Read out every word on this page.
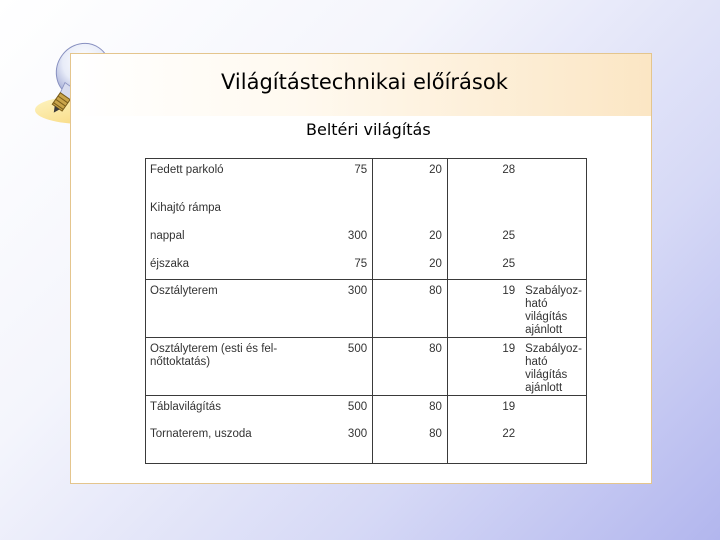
Világítástechnikai előírások
Beltéri világítás
Fedett parkoló	75	20	28	
Kihajtó rámpa				
nappal	300	20	25	
éjszaka	75	20	25	
Osztályterem	300	80	19	Szabályoz-ható világítás ajánlott
Osztályterem (esti és fel-nőttoktatás)	500	80	19	Szabályoz-ható világítás ajánlott
Táblavilágítás	500	80	19	
Tornaterem, uszoda	300	80	22	
